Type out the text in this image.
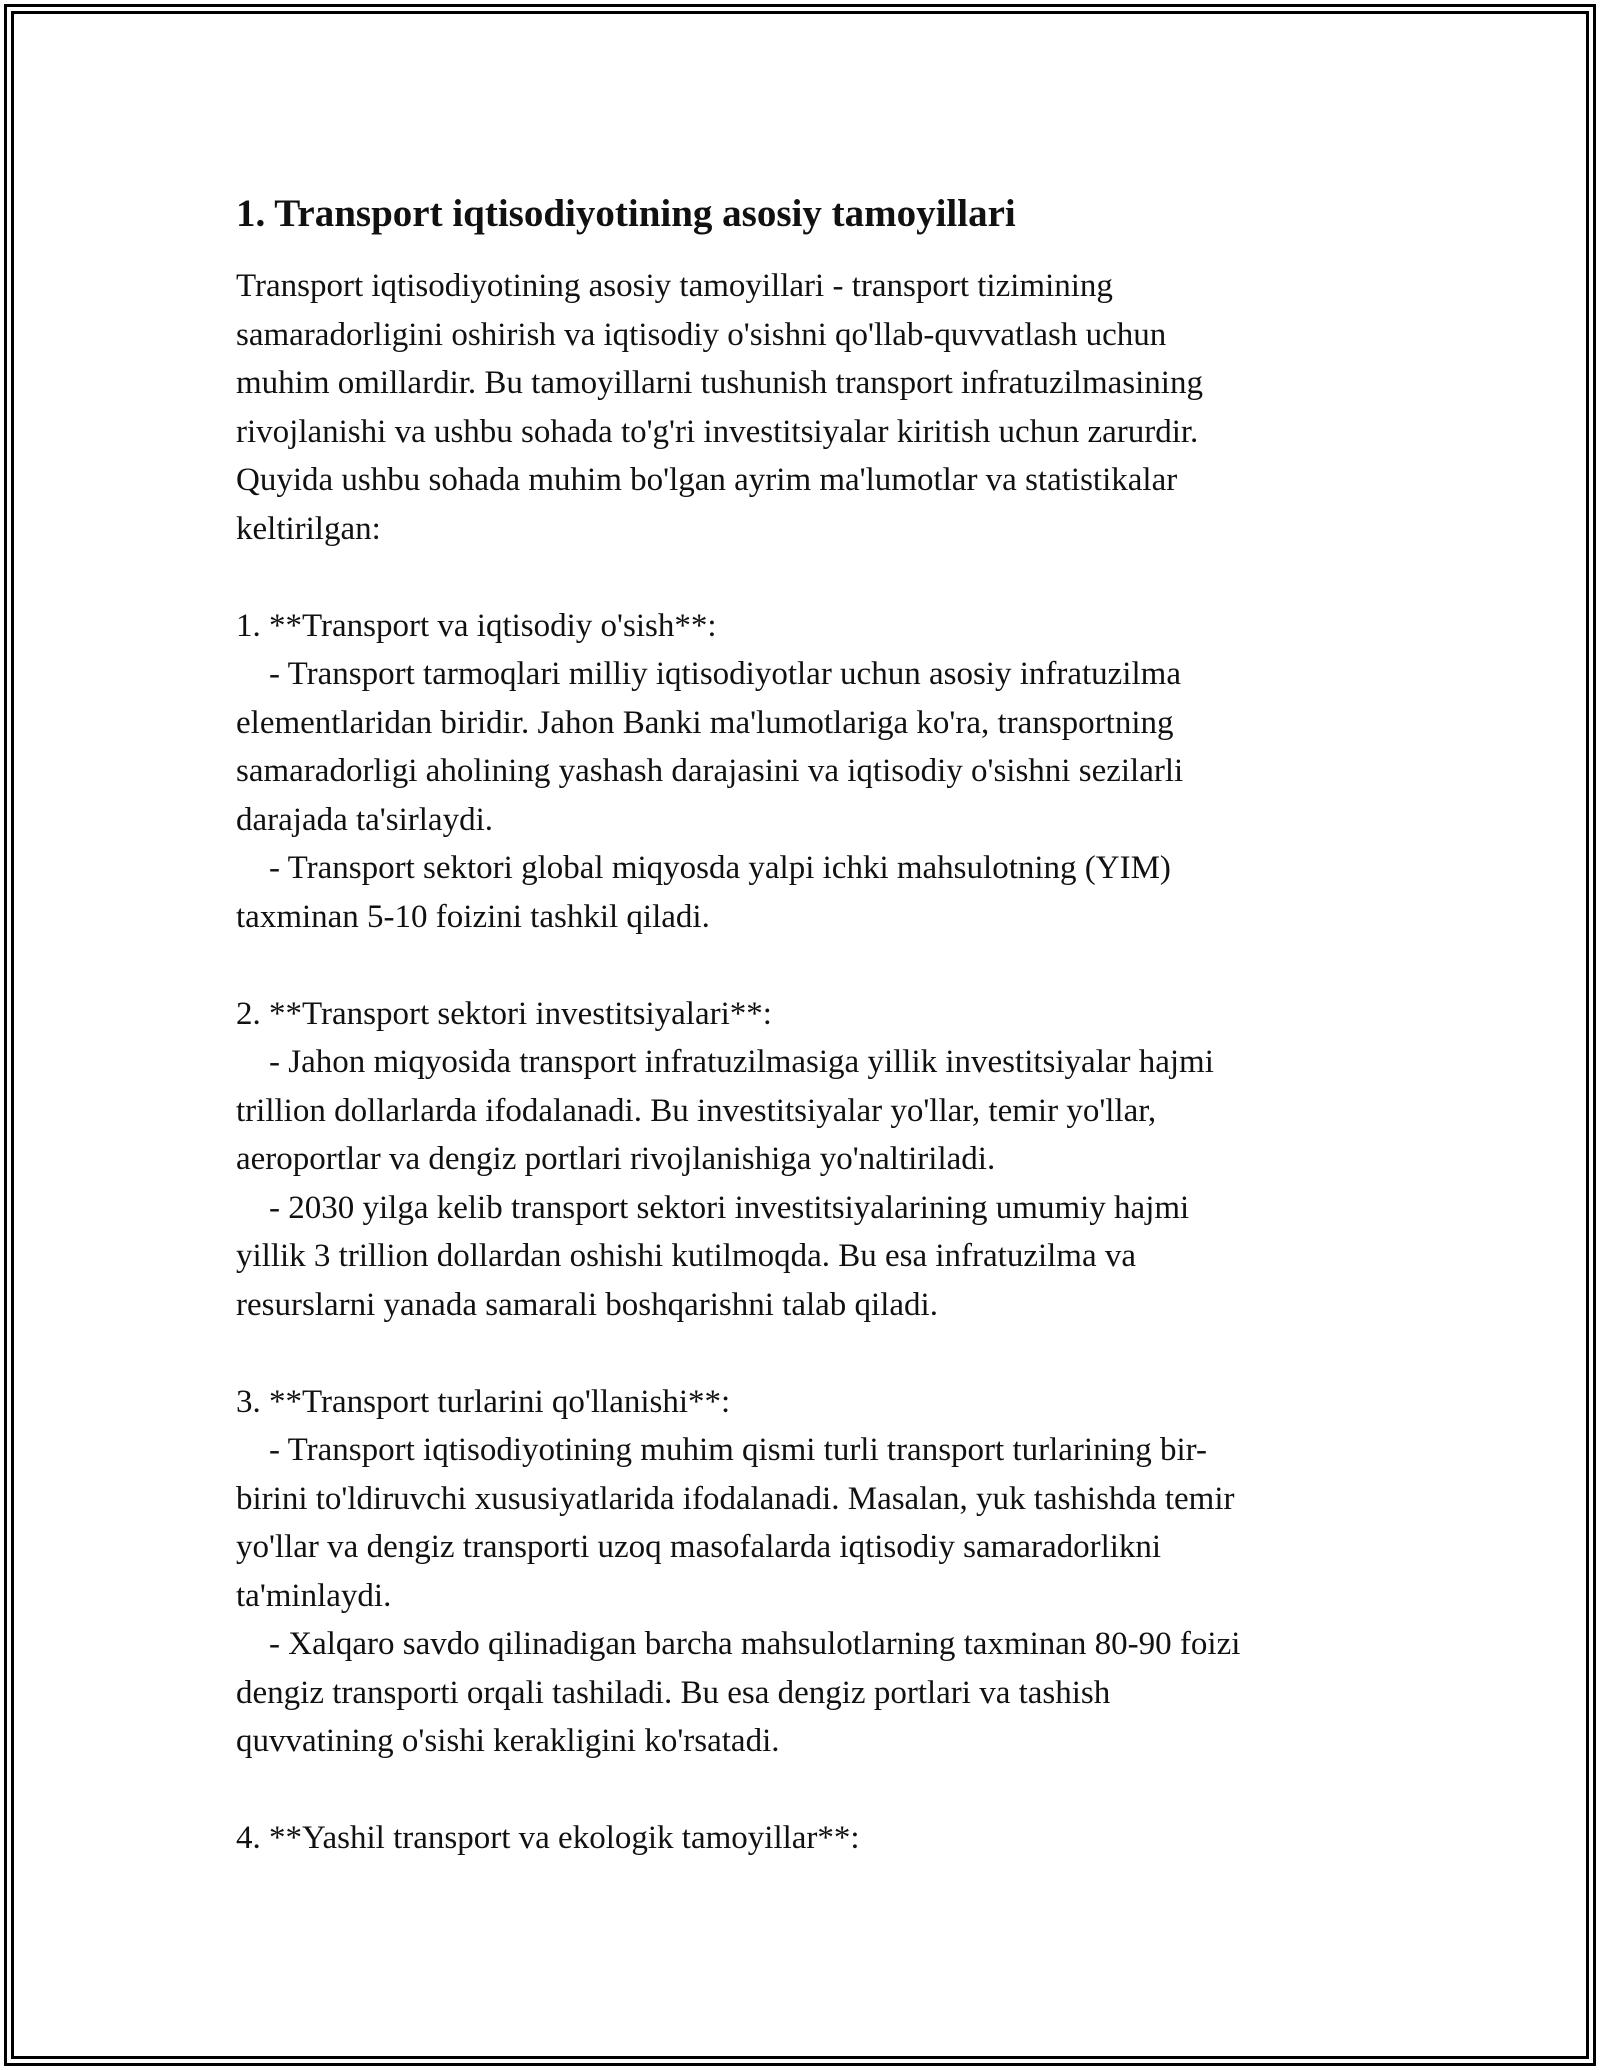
1. Transport iqtisodiyotining asosiy tamoyillari
Transport iqtisodiyotining asosiy tamoyillari - transport tizimining
samaradorligini oshirish va iqtisodiy o'sishni qo'llab-quvvatlash uchun
muhim omillardir. Bu tamoyillarni tushunish transport infratuzilmasining
rivojlanishi va ushbu sohada to'g'ri investitsiyalar kiritish uchun zarurdir.
Quyida ushbu sohada muhim bo'lgan ayrim ma'lumotlar va statistikalar
keltirilgan:
1. **Transport va iqtisodiy o'sish**:
- Transport tarmoqlari milliy iqtisodiyotlar uchun asosiy infratuzilma
elementlaridan biridir. Jahon Banki ma'lumotlariga ko'ra, transportning
samaradorligi aholining yashash darajasini va iqtisodiy o'sishni sezilarli
darajada ta'sirlaydi.
- Transport sektori global miqyosda yalpi ichki mahsulotning (YIM)
taxminan 5-10 foizini tashkil qiladi.
2. **Transport sektori investitsiyalari**:
- Jahon miqyosida transport infratuzilmasiga yillik investitsiyalar hajmi
trillion dollarlarda ifodalanadi. Bu investitsiyalar yo'llar, temir yo'llar,
aeroportlar va dengiz portlari rivojlanishiga yo'naltiriladi.
- 2030 yilga kelib transport sektori investitsiyalarining umumiy hajmi
yillik 3 trillion dollardan oshishi kutilmoqda. Bu esa infratuzilma va
resurslarni yanada samarali boshqarishni talab qiladi.
3. **Transport turlarini qo'llanishi**:
- Transport iqtisodiyotining muhim qismi turli transport turlarining bir-
birini to'ldiruvchi xususiyatlarida ifodalanadi. Masalan, yuk tashishda temir
yo'llar va dengiz transporti uzoq masofalarda iqtisodiy samaradorlikni
ta'minlaydi.
- Xalqaro savdo qilinadigan barcha mahsulotlarning taxminan 80-90 foizi
dengiz transporti orqali tashiladi. Bu esa dengiz portlari va tashish
quvvatining o'sishi kerakligini ko'rsatadi.
4. **Yashil transport va ekologik tamoyillar**:
